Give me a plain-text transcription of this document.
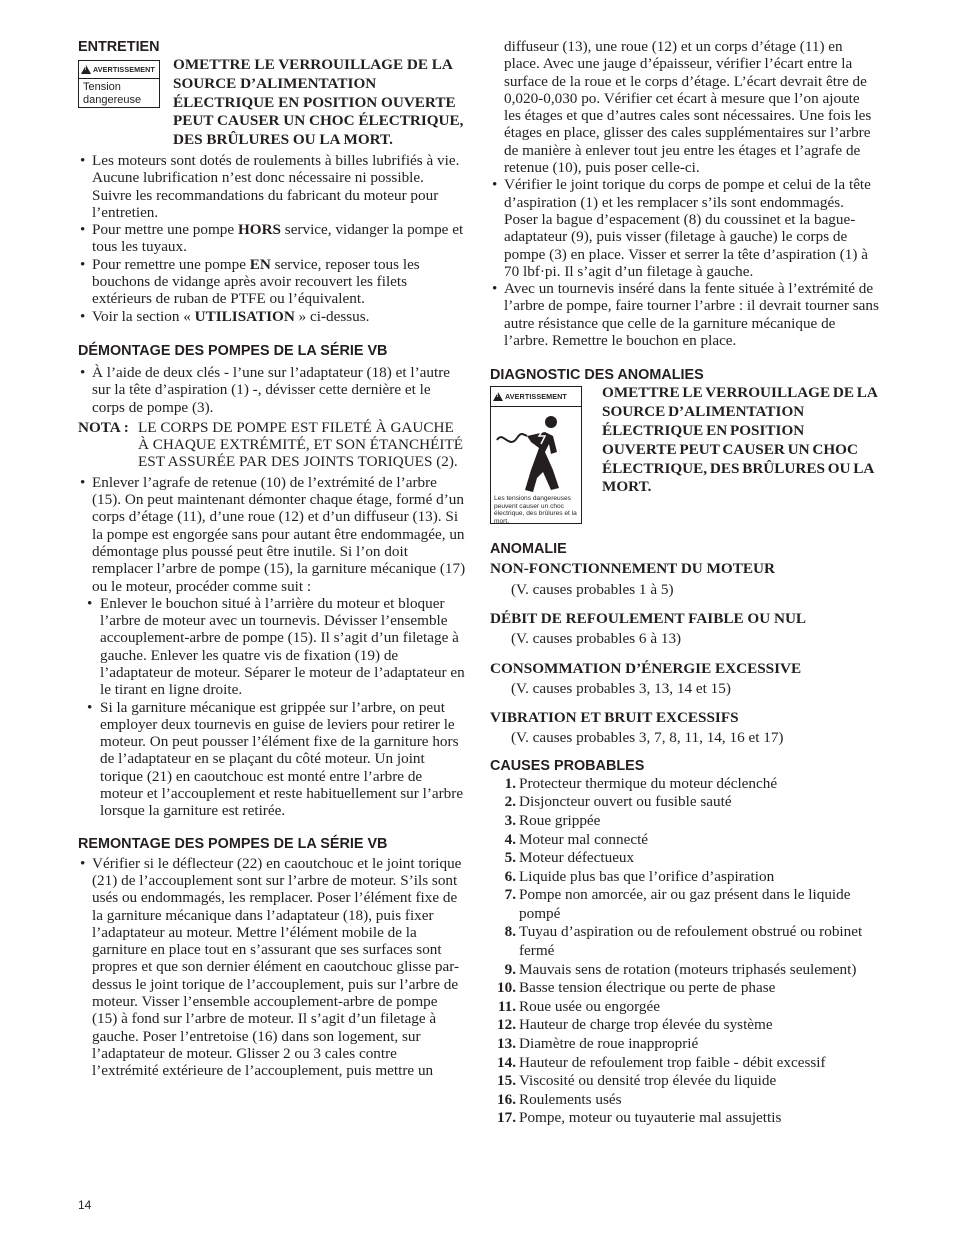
ENTRETIEN
!
AVERTISSEMENT
Tension dangereuse
OMETTRE LE VERROUILLAGE DE LA SOURCE D’ALIMENTATION ÉLECTRIQUE EN POSITION OUVERTE PEUT CAUSER UN CHOC ÉLECTRIQUE, DES BRÛLURES OU LA MORT.
• Les moteurs sont dotés de roulements à billes lubrifiés à vie. Aucune lubrification n’est donc nécessaire ni possible. Suivre les recommandations du fabricant du moteur pour l’entretien.
• Pour mettre une pompe HORS service, vidanger la pompe et tous les tuyaux.
• Pour remettre une pompe EN service, reposer tous les bouchons de vidange après avoir recouvert les filets extérieurs de ruban de PTFE ou l’équivalent.
• Voir la section « UTILISATION » ci-dessus.
DÉMONTAGE DES POMPES DE LA SÉRIE VB
• À l’aide de deux clés - l’une sur l’adaptateur (18) et l’autre sur la tête d’aspiration (1) -, dévisser cette dernière et le corps de pompe (3).
NOTA : LE CORPS DE POMPE EST FILETÉ À GAUCHE À CHAQUE EXTRÉMITÉ, ET SON ÉTANCHÉITÉ EST ASSURÉE PAR DES JOINTS TORIQUES (2).
• Enlever l’agrafe de retenue (10) de l’extrémité de l’arbre (15). On peut maintenant démonter chaque étage, formé d’un corps d’étage (11), d’une roue (12) et d’un diffuseur (13). Si la pompe est engorgée sans pour autant être endommagée, un démontage plus poussé peut être inutile. Si l’on doit remplacer l’arbre de pompe (15), la garniture mécanique (17) ou le moteur, procéder comme suit :
• Enlever le bouchon situé à l’arrière du moteur et bloquer l’arbre de moteur avec un tournevis. Dévisser l’ensemble accouplement-arbre de pompe (15). Il s’agit d’un filetage à gauche. Enlever les quatre vis de fixation (19) de l’adaptateur de moteur. Séparer le moteur de l’adaptateur en le tirant en ligne droite.
• Si la garniture mécanique est grippée sur l’arbre, on peut employer deux tournevis en guise de leviers pour retirer le moteur. On peut pousser l’élément fixe de la garniture hors de l’adaptateur en se plaçant du côté moteur. Un joint torique (21) en caoutchouc est monté entre l’arbre de moteur et l’accouplement et reste habituellement sur l’arbre lorsque la garniture est retirée.
REMONTAGE DES POMPES DE LA SÉRIE VB
• Vérifier si le déflecteur (22) en caoutchouc et le joint torique (21) de l’accouplement sont sur l’arbre de moteur. S’ils sont usés ou endommagés, les remplacer. Poser l’élément fixe de la garniture mécanique dans l’adaptateur (18), puis fixer l’adaptateur au moteur. Mettre l’élément mobile de la garniture en place tout en s’assurant que ses surfaces sont propres et que son dernier élément en caoutchouc glisse par-dessus le joint torique de l’accouplement, puis sur l’arbre de moteur. Visser l’ensemble accouplement-arbre de pompe (15) à fond sur l’arbre de moteur. Il s’agit d’un filetage à gauche. Poser l’entretoise (16) dans son logement, sur l’adaptateur de moteur. Glisser 2 ou 3 cales contre l’extrémité extérieure de l’accouplement, puis mettre un
diffuseur (13), une roue (12) et un corps d’étage (11) en place. Avec une jauge d’épaisseur, vérifier l’écart entre la surface de la roue et le corps d’étage. L’écart devrait être de 0,020-0,030 po. Vérifier cet écart à mesure que l’on ajoute les étages et que d’autres cales sont nécessaires. Une fois les étages en place, glisser des cales supplémentaires sur l’arbre de manière à enlever tout jeu entre les étages et l’agrafe de retenue (10), puis poser celle-ci.
• Vérifier le joint torique du corps de pompe et celui de la tête d’aspiration (1) et les remplacer s’ils sont endommagés. Poser la bague d’espacement (8) du coussinet et la bague-adaptateur (9), puis visser (filetage à gauche) le corps de pompe (3) en place. Visser et serrer la tête d’aspiration (1) à 70 lbf·pi. Il s’agit d’un filetage à gauche.
• Avec un tournevis inséré dans la fente située à l’extrémité de l’arbre de pompe, faire tourner l’arbre : il devrait tourner sans autre résistance que celle de la garniture mécanique de l’arbre. Remettre le bouchon en place.
DIAGNOSTIC DES ANOMALIES
!
AVERTISSEMENT
Les tensions dangereuses peuvent causer un choc électrique, des brûlures et la mort.
OMETTRE LE VERROUILLAGE DE LA SOURCE D’ALIMENTATION ÉLECTRIQUE EN POSITION OUVERTE PEUT CAUSER UN CHOC ÉLECTRIQUE, DES BRÛLURES OU LA MORT.
ANOMALIE
NON-FONCTIONNEMENT DU MOTEUR
(V. causes probables 1 à 5)
DÉBIT DE REFOULEMENT FAIBLE OU NUL
(V. causes probables 6 à 13)
CONSOMMATION D’ÉNERGIE EXCESSIVE
(V. causes probables 3, 13, 14 et 15)
VIBRATION ET BRUIT EXCESSIFS
(V. causes probables 3, 7, 8, 11, 14, 16 et 17)
CAUSES PROBABLES
1. Protecteur thermique du moteur déclenché
2. Disjoncteur ouvert ou fusible sauté
3. Roue grippée
4. Moteur mal connecté
5. Moteur défectueux
6. Liquide plus bas que l’orifice d’aspiration
7. Pompe non amorcée, air ou gaz présent dans le liquide pompé
8. Tuyau d’aspiration ou de refoulement obstrué ou robinet fermé
9. Mauvais sens de rotation (moteurs triphasés seulement)
10. Basse tension électrique ou perte de phase
11. Roue usée ou engorgée
12. Hauteur de charge trop élevée du système
13. Diamètre de roue inapproprié
14. Hauteur de refoulement trop faible - débit excessif
15. Viscosité ou densité trop élevée du liquide
16. Roulements usés
17. Pompe, moteur ou tuyauterie mal assujettis
14
